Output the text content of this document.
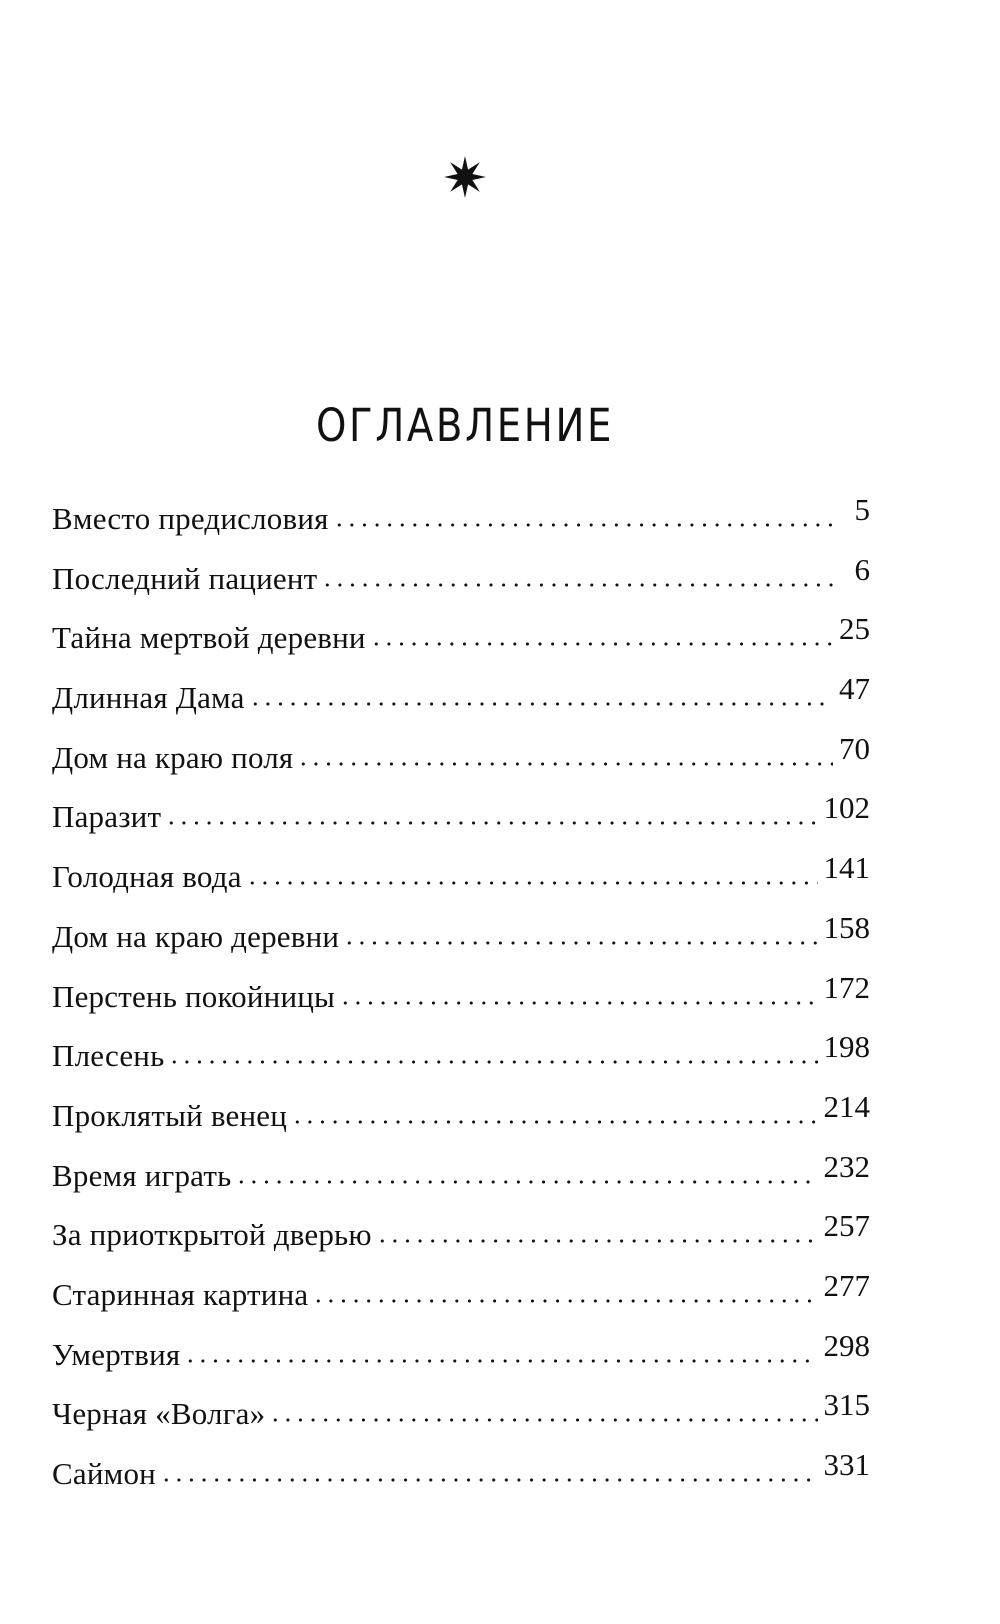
ОГЛАВЛЕНИЕ
Вместо предисловия	5
Последний пациент	6
Тайна мертвой деревни	25
Длинная Дама	47
Дом на краю поля	70
Паразит	102
Голодная вода	141
Дом на краю деревни	158
Перстень покойницы	172
Плесень	198
Проклятый венец	214
Время играть	232
За приоткрытой дверью	257
Старинная картина	277
Умертвия	298
Черная «Волга»	315
Саймон	331
